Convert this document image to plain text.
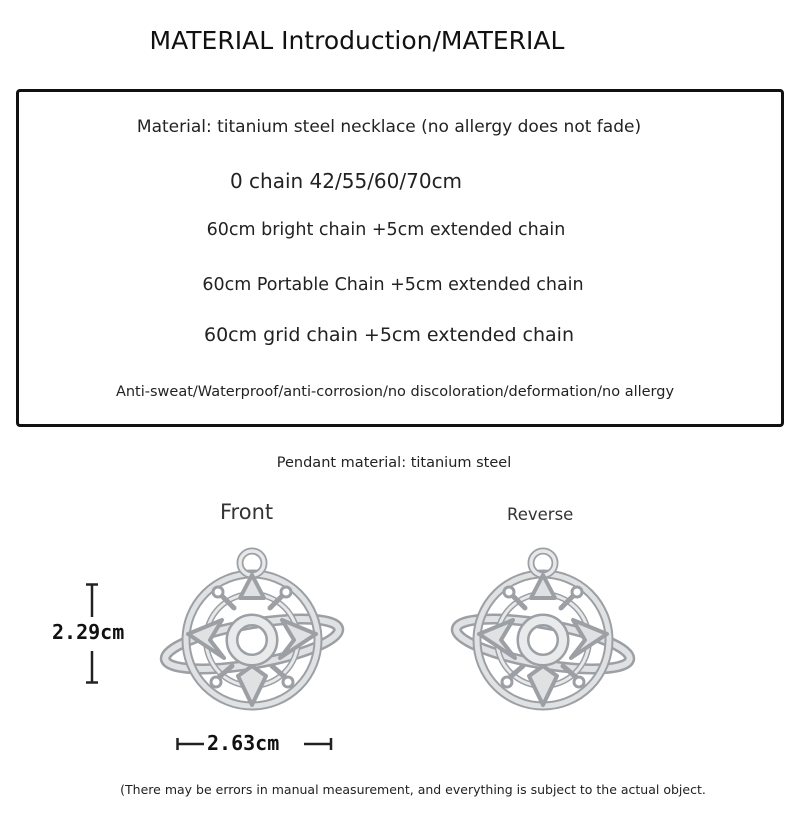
MATERIAL Introduction/MATERIAL
Material: titanium steel necklace (no allergy does not fade)
0 chain 42/55/60/70cm
60cm bright chain +5cm extended chain
60cm Portable Chain +5cm extended chain
60cm grid chain +5cm extended chain
Anti-sweat/Waterproof/anti-corrosion/no discoloration/deformation/no allergy
Pendant material: titanium steel
Front	Reverse
2.29cm
2.63cm
(There may be errors in manual measurement, and everything is subject to the actual object.
